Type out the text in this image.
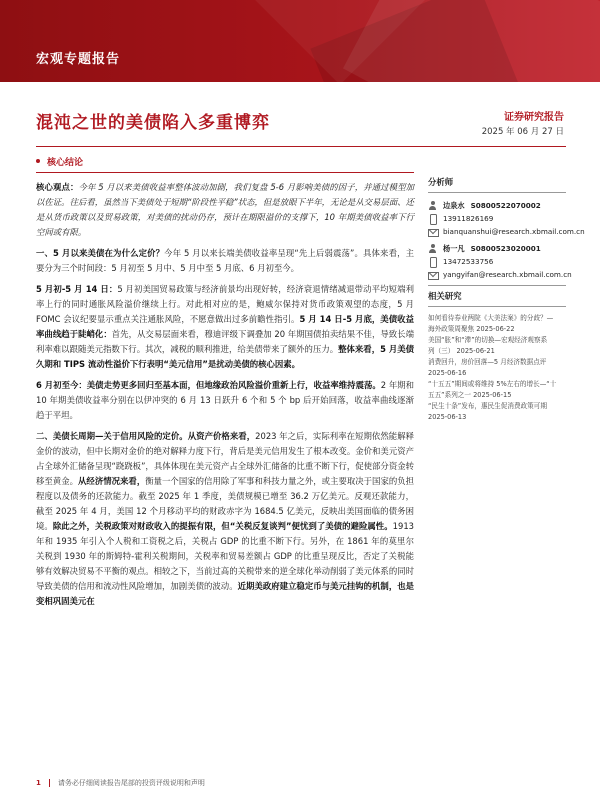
宏观专题报告
混沌之世的美债陷入多重博弈	证券研究报告
2025 年 06 月 27 日
核心结论

核心观点：今年 5 月以来美债收益率整体波动加剧，我们复盘 5-6 月影响美债的因子，并通过模型加以佐证。往后看，虽然当下美债处于短期“阶段性平稳”状态，但是放眼下半年，无论是从交易层面、还是从货币政策以及贸易政策，对美债的扰动仍存，预计在期限溢价的支撑下，10 年期美债收益率下行空间或有限。

一、5 月以来美债在为什么定价？今年 5 月以来长端美债收益率呈现“先上后弱震荡”。具体来看，主要分为三个时间段：5 月初至 5 月中、5 月中至 5 月底、6 月初至今。

5 月初-5 月 14 日：5 月初美国贸易政策与经济前景均出现好转，经济衰退情绪减退带动平均短端利率上行的同时通胀风险溢价继续上行。对此相对应的是，鲍威尔保持对货币政策观望的态度，5 月 FOMC 会议纪要显示重点关注通胀风险，不愿意做出过多前瞻性指引。5 月 14 日-5 月底，美债收益率曲线趋于陡峭化：首先，从交易层面来看，穆迪评级下调叠加 20 年期国债拍卖结果不佳，导致长端利率难以跟随美元指数下行。其次，减税的顺利推进，给美债带来了额外的压力。整体来看，5 月美债久期和 TIPS 流动性溢价下行表明“美元信用”是扰动美债的核心因素。

6 月初至今：美债走势更多回归至基本面，但地缘政治风险溢价重新上行，收益率维持震荡。2 年期和 10 年期美债收益率分别在以伊冲突的 6 月 13 日跃升 6 个和 5 个 bp 后开始回落，收益率曲线逐渐趋于平坦。

二、美债长周期—关于信用风险的定价。从资产价格来看，2023 年之后，实际利率在短期依然能解释金价的波动，但中长期对金价的绝对解释力度下行，背后是美元信用发生了根本改变。金价和美元资产占全球外汇储备呈现“跷跷板”，具体体现在美元资产占全球外汇储备的比重不断下行，促使部分资金转移至黄金。从经济情况来看，衡量一个国家的信用除了军事和科技力量之外，或主要取决于国家的负担程度以及债务的还款能力。截至 2025 年 1 季度，美债规模已增至 36.2 万亿美元。反观还款能力，截至 2025 年 4 月，美国 12 个月移动平均的财政赤字为 1684.5 亿美元，反映出美国面临的债务困境。除此之外，关税政策对财政收入的提振有限，但“关税反复谈判”便忧到了美债的避险属性。1913 年和 1935 年引入个人税和工资税之后，关税占 GDP 的比重不断下行。另外，在 1861 年的莫里尔关税到 1930 年的斯姆特-霍利关税期间，关税率和贸易差额占 GDP 的比重呈现反比，否定了关税能够有效解决贸易不平衡的观点。相较之下，当前过高的关税带来的逆全球化举动削弱了美元体系的同时导致美债的信用和流动性风险增加，加剧美债的波动。近期美政府建立稳定币与美元挂钩的机制，也是变相巩固美元在

分析师
边泉水 S0800522070002
13911826169
bianquanshui@research.xbmail.com.cn
杨一凡 S0800523020001
13472533756
yangyifan@research.xbmail.com.cn
相关研究
如何看待券业两院《大美法案》的分歧？—
海外政策周聚焦 2025-06-22
美国“胀”和“滞”的切换—宏观经济观察系
列（三） 2025-06-21
消费回升，房价回落—5 月经济数据点评
2025-06-16
“十五五”期间或将维持 5%左右的增长—“十
五五”系列之一 2025-06-15
“民生十条”发布，惠民生促消费政策可期
2025-06-13
1 请务必仔细阅读报告尾部的投资评级说明和声明
